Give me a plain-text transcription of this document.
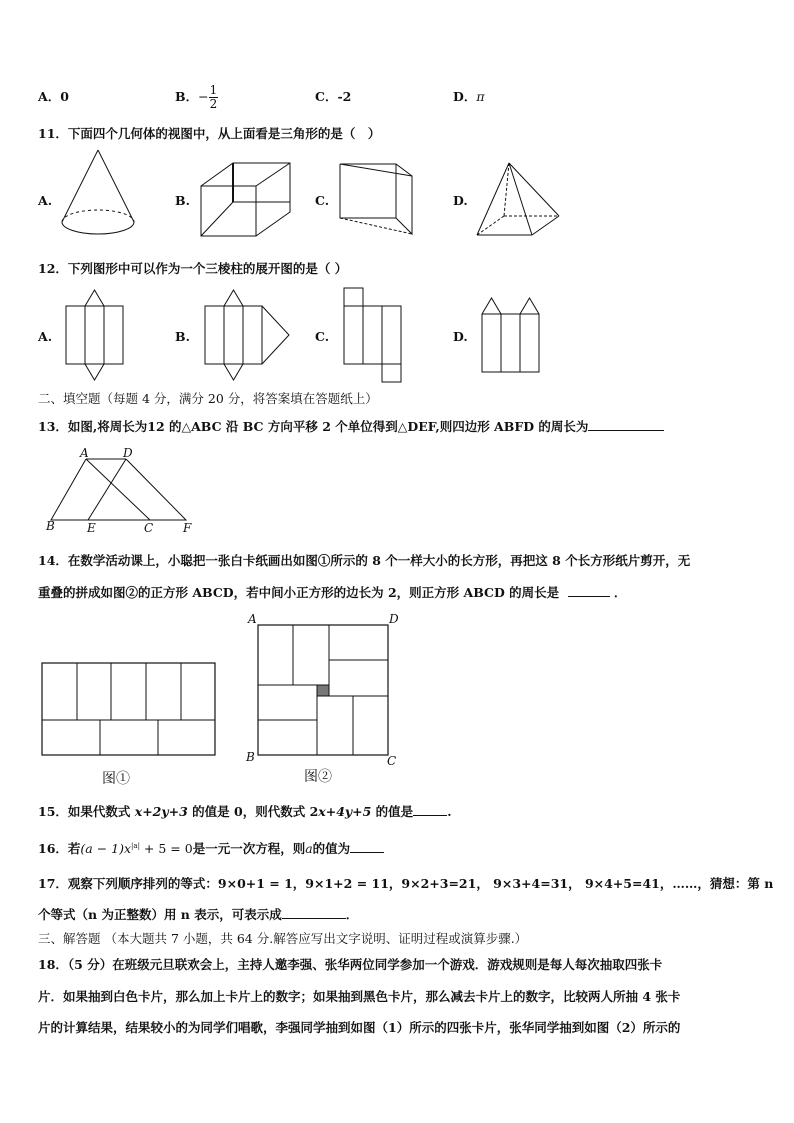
A．0	B．− $\frac{1}{2}$	C．-2	D．π
11．下面四个几何体的视图中，从上面看是三角形的是（　）
A.	B.	C.	D.
12．下列图形中可以作为一个三棱柱的展开图的是（ ）
A.	B.	C.	D.
二、填空题（每题 4 分，满分 20 分，将答案填在答题纸上）
13．如图,将周长为12 的△ABC 沿 BC 方向平移 2 个单位得到△DEF,则四边形 ABFD 的周长为
A	D
B	E	C F
14．在数学活动课上，小聪把一张白卡纸画出如图①所示的 8 个一样大小的长方形，再把这 8 个长方形纸片剪开，无
重叠的拼成如图②的正方形 ABCD，若中间小正方形的边长为 2，则正方形 ABCD 的周长是	．
图①
A	D
B	C
图②
15．如果代数式 x+2y+3 的值是 0，则代数式 2x+4y+5 的值是	.
16．若$(a - 1)x^{|a|} + 5 = 0$是一元一次方程，则a的值为
17．观察下列顺序排列的等式：9×0+1 = 1，9×1+2 = 11，9×2+3=21， 9×3+4=31， 9×4+5=41，……，猜想：第 n
个等式（n 为正整数）用 n 表示，可表示成	．
三、解答题 （本大题共 7 小题，共 64 分.解答应写出文字说明、证明过程或演算步骤.）
18．（5 分）在班级元旦联欢会上，主持人邀李强、张华两位同学参加一个游戏．游戏规则是每人每次抽取四张卡
片．如果抽到白色卡片，那么加上卡片上的数字；如果抽到黑色卡片，那么减去卡片上的数字，比较两人所抽 4 张卡
片的计算结果，结果较小的为同学们唱歌，李强同学抽到如图（1）所示的四张卡片，张华同学抽到如图（2）所示的
